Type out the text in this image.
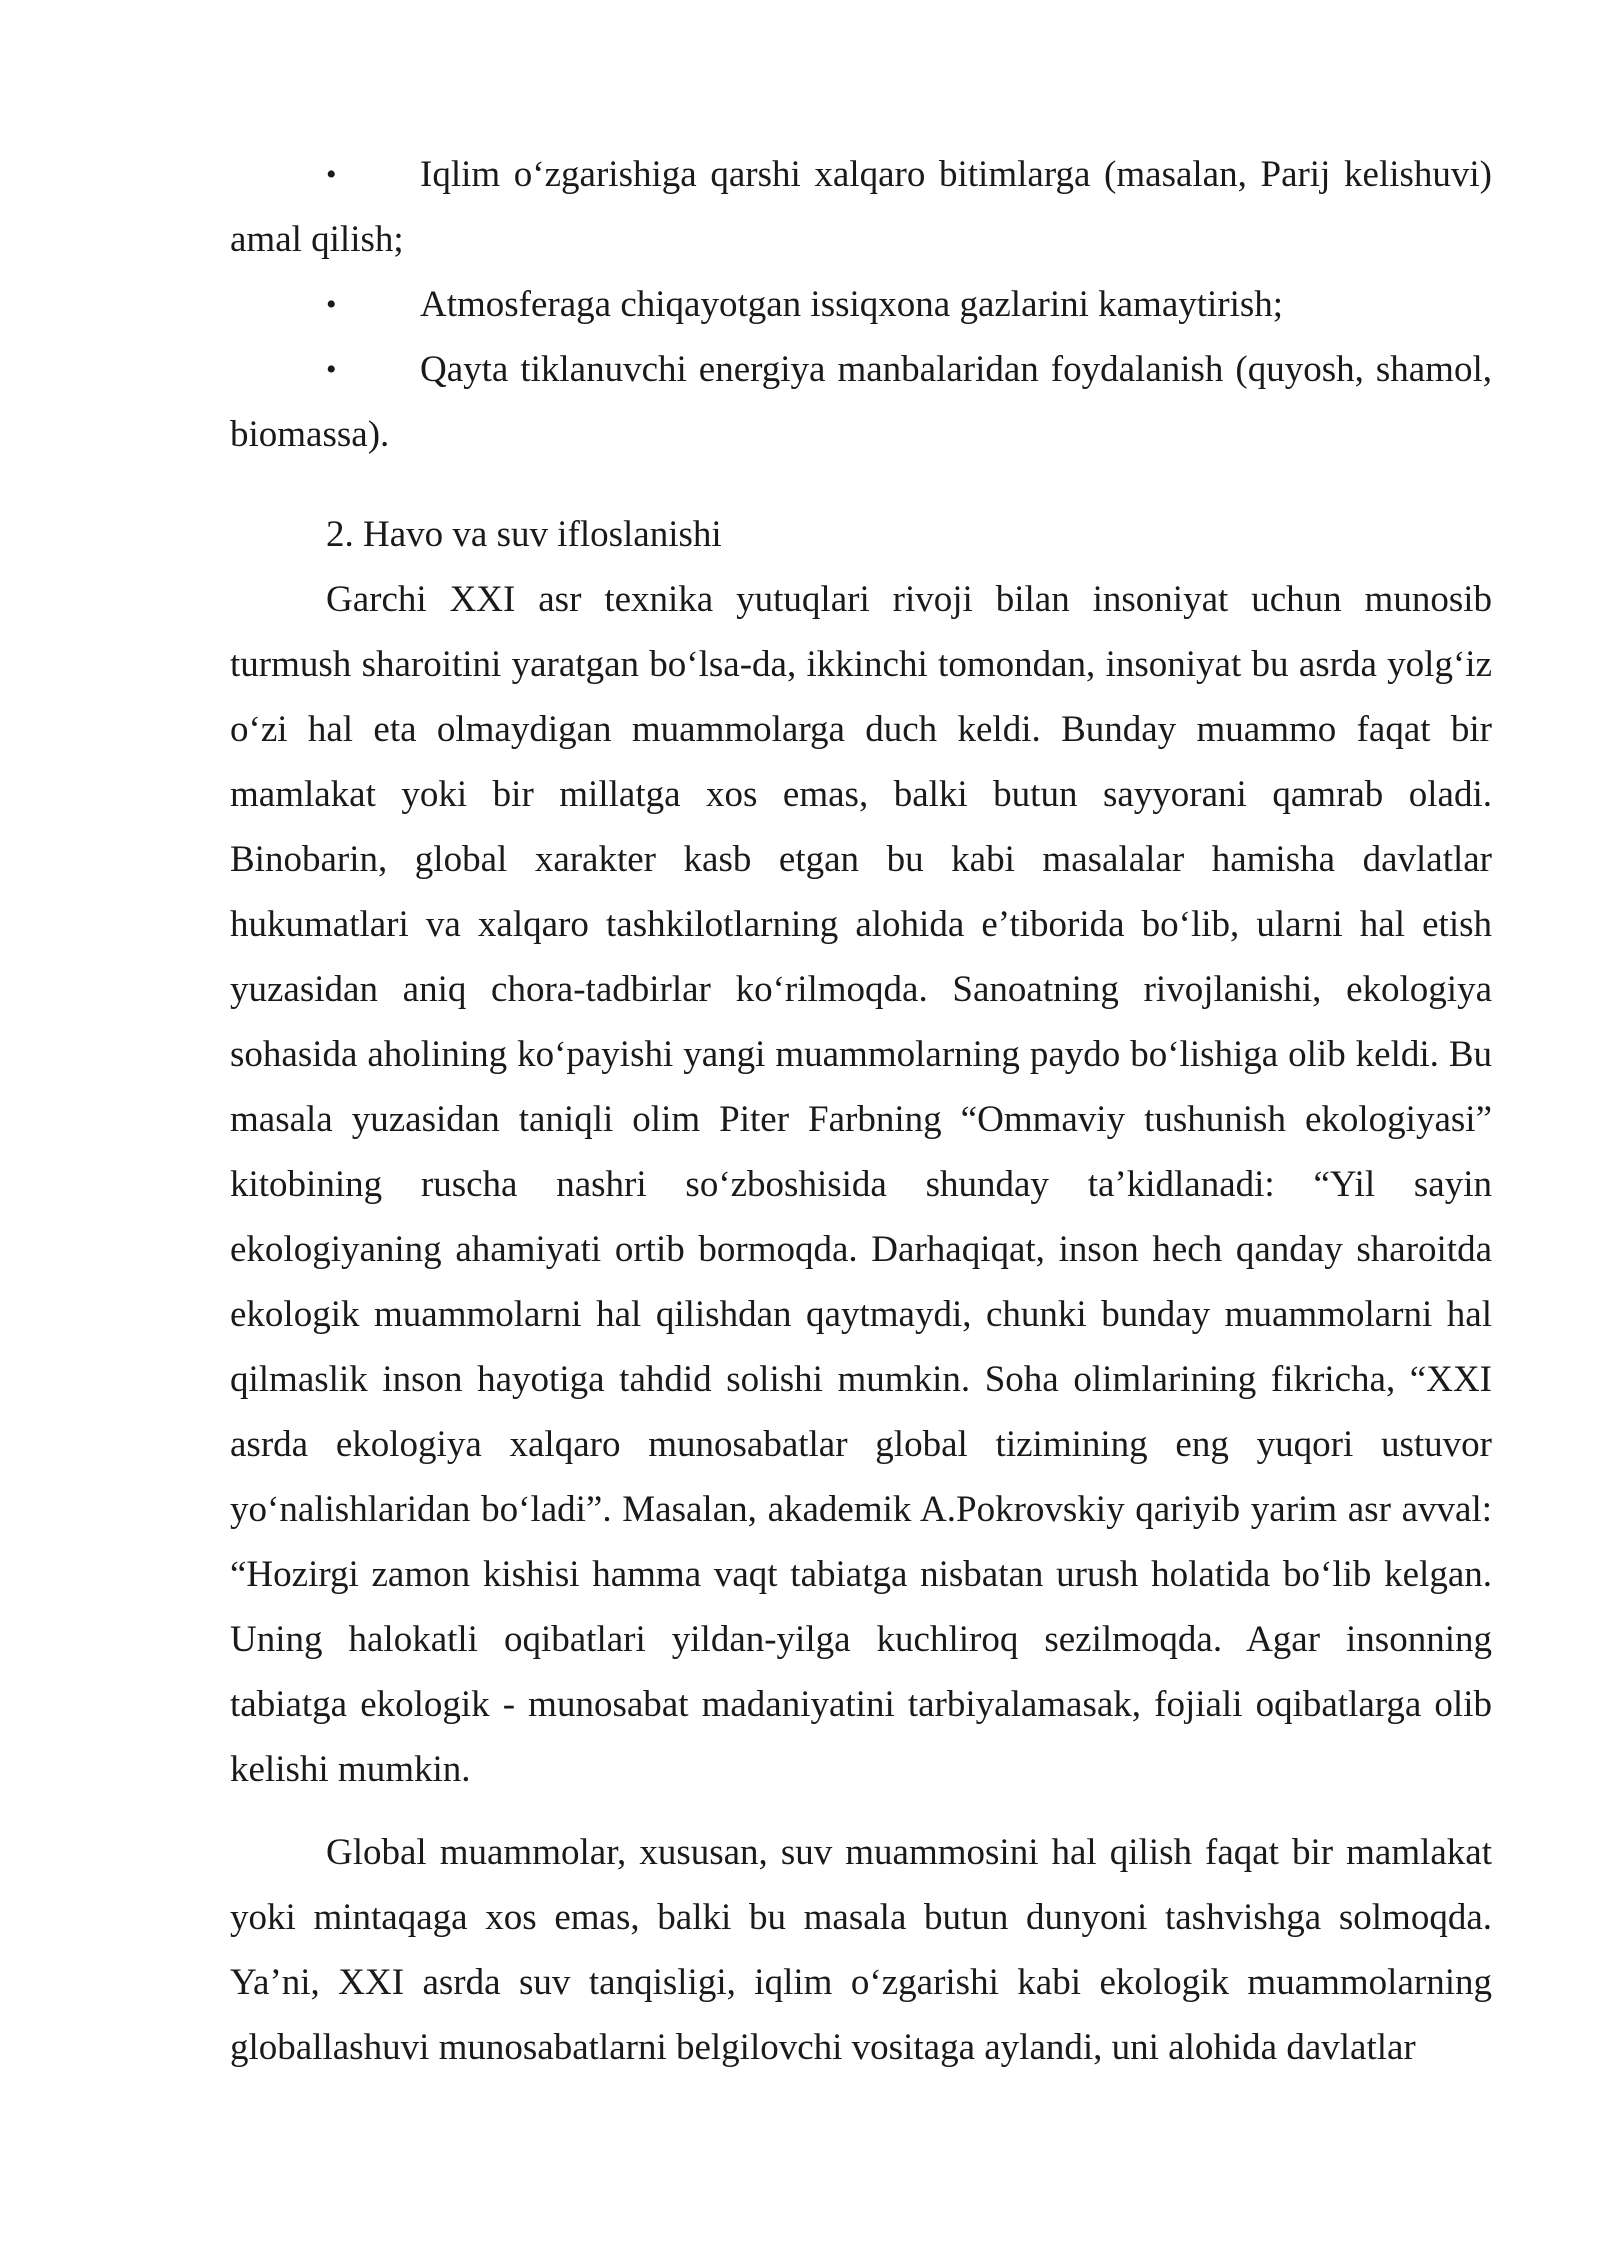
• Iqlim o‘zgarishiga qarshi xalqaro bitimlarga (masalan, Parij kelishuvi) amal qilish;

• Atmosferaga chiqayotgan issiqxona gazlarini kamaytirish;

• Qayta tiklanuvchi energiya manbalaridan foydalanish (quyosh, shamol, biomassa).

2. Havo va suv ifloslanishi

Garchi XXI asr texnika yutuqlari rivoji bilan insoniyat uchun munosib turmush sharoitini yaratgan bo‘lsa-da, ikkinchi tomondan, insoniyat bu asrda yolg‘iz o‘zi hal eta olmaydigan muammolarga duch keldi. Bunday muammo faqat bir mamlakat yoki bir millatga xos emas, balki butun sayyorani qamrab oladi. Binobarin, global xarakter kasb etgan bu kabi masalalar hamisha davlatlar hukumatlari va xalqaro tashkilotlarning alohida e’tiborida bo‘lib, ularni hal etish yuzasidan aniq chora-tadbirlar ko‘rilmoqda. Sanoatning rivojlanishi, ekologiya sohasida aholining ko‘payishi yangi muammolarning paydo bo‘lishiga olib keldi. Bu masala yuzasidan taniqli olim Piter Farbning “Ommaviy tushunish ekologiyasi” kitobining ruscha nashri so‘zboshisida shunday ta’kidlanadi: “Yil sayin ekologiyaning ahamiyati ortib bormoqda. Darhaqiqat, inson hech qanday sharoitda ekologik muammolarni hal qilishdan qaytmaydi, chunki bunday muammolarni hal qilmaslik inson hayotiga tahdid solishi mumkin. Soha olimlarining fikricha, “XXI asrda ekologiya xalqaro munosabatlar global tizimining eng yuqori ustuvor yo‘nalishlaridan bo‘ladi”. Masalan, akademik A.Pokrovskiy qariyib yarim asr avval: “Hozirgi zamon kishisi hamma vaqt tabiatga nisbatan urush holatida bo‘lib kelgan. Uning halokatli oqibatlari yildan-yilga kuchliroq sezilmoqda. Agar insonning tabiatga ekologik - munosabat madaniyatini tarbiyalamasak, fojiali oqibatlarga olib kelishi mumkin.

Global muammolar, xususan, suv muammosini hal qilish faqat bir mamlakat yoki mintaqaga xos emas, balki bu masala butun dunyoni tashvishga solmoqda. Ya’ni, XXI asrda suv tanqisligi, iqlim o‘zgarishi kabi ekologik muammolarning globallashuvi munosabatlarni belgilovchi vositaga aylandi, uni alohida davlatlar
